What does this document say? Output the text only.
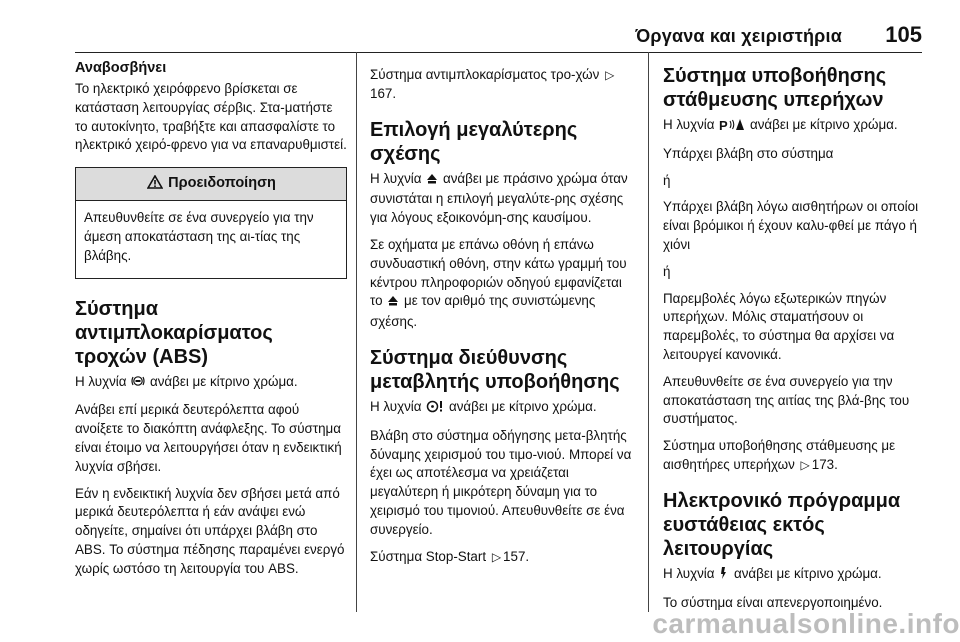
Όργανα και χειριστήρια 105
Αναβοσβήνει

Το ηλεκτρικό χειρόφρενο βρίσκεται σε κατάσταση λειτουργίας σέρβις. Στα-ματήστε το αυτοκίνητο, τραβήξτε και απασφαλίστε το ηλεκτρικό χειρό-φρενο για να επαναρυθμιστεί.

Προειδοποίηση

Απευθυνθείτε σε ένα συνεργείο για την άμεση αποκατάσταση της αι-τίας της βλάβης.

Σύστημα αντιμπλοκαρίσματος τροχών (ABS)

Η λυχνία ανάβει με κίτρινο χρώμα.

Ανάβει επί μερικά δευτερόλεπτα αφού ανοίξετε το διακόπτη ανάφλεξης. Το σύστημα είναι έτοιμο να λειτουργήσει όταν η ενδεικτική λυχνία σβήσει.

Εάν η ενδεικτική λυχνία δεν σβήσει μετά από μερικά δευτερόλεπτα ή εάν ανάψει ενώ οδηγείτε, σημαίνει ότι υπάρχει βλάβη στο ABS. Το σύστημα πέδησης παραμένει ενεργό χωρίς ωστόσο τη λειτουργία του ABS.

Σύστημα αντιμπλοκαρίσματος τρο-χών ▷167.

Επιλογή μεγαλύτερης σχέσης

Η λυχνία ανάβει με πράσινο χρώμα όταν συνιστάται η επιλογή μεγαλύτε-ρης σχέσης για λόγους εξοικονόμη-σης καυσίμου.

Σε οχήματα με επάνω οθόνη ή επάνω συνδυαστική οθόνη, στην κάτω γραμμή του κέντρου πληροφοριών οδηγού εμφανίζεται το με τον αριθμό της συνιστώμενης σχέσης.

Σύστημα διεύθυνσης μεταβλητής υποβοήθησης

Η λυχνία ανάβει με κίτρινο χρώμα.

Βλάβη στο σύστημα οδήγησης μετα-βλητής δύναμης χειρισμού του τιμο-νιού. Μπορεί να έχει ως αποτέλεσμα να χρειάζεται μεγαλύτερη ή μικρότερη δύναμη για το χειρισμό του τιμονιού. Απευθυνθείτε σε ένα συνεργείο.

Σύστημα Stop-Start ▷ 157.

Σύστημα υποβοήθησης στάθμευσης υπερήχων

Η λυχνία P ανάβει με κίτρινο χρώμα.

Υπάρχει βλάβη στο σύστημα

ή

Υπάρχει βλάβη λόγω αισθητήρων οι οποίοι είναι βρόμικοι ή έχουν καλυ-φθεί με πάγο ή χιόνι

ή

Παρεμβολές λόγω εξωτερικών πηγών υπερήχων. Μόλις σταματήσουν οι παρεμβολές, το σύστημα θα αρχίσει να λειτουργεί κανονικά.

Απευθυνθείτε σε ένα συνεργείο για την αποκατάσταση της αιτίας της βλά-βης του συστήματος.

Σύστημα υποβοήθησης στάθμευσης με αισθητήρες υπερήχων ▷ 173.

Ηλεκτρονικό πρόγραμμα ευστάθειας εκτός λειτουργίας

Η λυχνία ανάβει με κίτρινο χρώμα.

Το σύστημα είναι απενεργοποιημένο.

carmanualsonline.info
